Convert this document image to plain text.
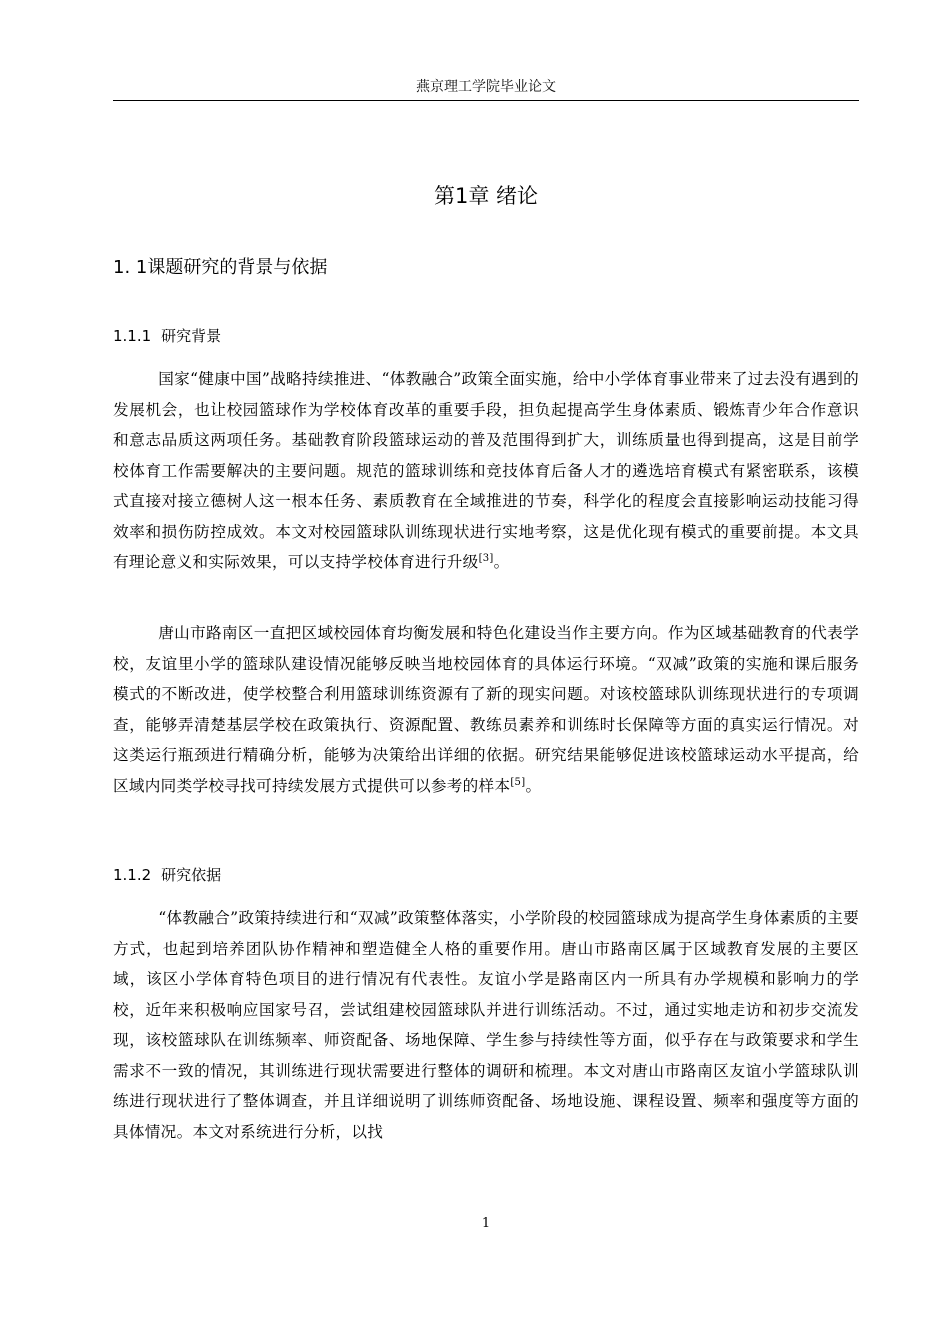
燕京理工学院毕业论文
第1章 绪论
1. 1课题研究的背景与依据
1.1.1 研究背景

国家“健康中国”战略持续推进、“体教融合”政策全面实施，给中小学体育事业带来了过去没有遇到的发展机会，也让校园篮球作为学校体育改革的重要手段，担负起提高学生身体素质、锻炼青少年合作意识和意志品质这两项任务。基础教育阶段篮球运动的普及范围得到扩大，训练质量也得到提高，这是目前学校体育工作需要解决的主要问题。规范的篮球训练和竞技体育后备人才的遴选培育模式有紧密联系，该模式直接对接立德树人这一根本任务、素质教育在全域推进的节奏，科学化的程度会直接影响运动技能习得效率和损伤防控成效。本文对校园篮球队训练现状进行实地考察，这是优化现有模式的重要前提。本文具有理论意义和实际效果，可以支持学校体育进行升级[3]。

唐山市路南区一直把区域校园体育均衡发展和特色化建设当作主要方向。作为区域基础教育的代表学校，友谊里小学的篮球队建设情况能够反映当地校园体育的具体运行环境。“双减”政策的实施和课后服务模式的不断改进，使学校整合利用篮球训练资源有了新的现实问题。对该校篮球队训练现状进行的专项调查，能够弄清楚基层学校在政策执行、资源配置、教练员素养和训练时长保障等方面的真实运行情况。对这类运行瓶颈进行精确分析，能够为决策给出详细的依据。研究结果能够促进该校篮球运动水平提高，给区域内同类学校寻找可持续发展方式提供可以参考的样本[5]。

1.1.2 研究依据

“体教融合”政策持续进行和“双减”政策整体落实，小学阶段的校园篮球成为提高学生身体素质的主要方式，也起到培养团队协作精神和塑造健全人格的重要作用。唐山市路南区属于区域教育发展的主要区域，该区小学体育特色项目的进行情况有代表性。友谊小学是路南区内一所具有办学规模和影响力的学校，近年来积极响应国家号召，尝试组建校园篮球队并进行训练活动。不过，通过实地走访和初步交流发现，该校篮球队在训练频率、师资配备、场地保障、学生参与持续性等方面，似乎存在与政策要求和学生需求不一致的情况，其训练进行现状需要进行整体的调研和梳理。本文对唐山市路南区友谊小学篮球队训练进行现状进行了整体调查，并且详细说明了训练师资配备、场地设施、课程设置、频率和强度等方面的具体情况。本文对系统进行分析，以找

1
